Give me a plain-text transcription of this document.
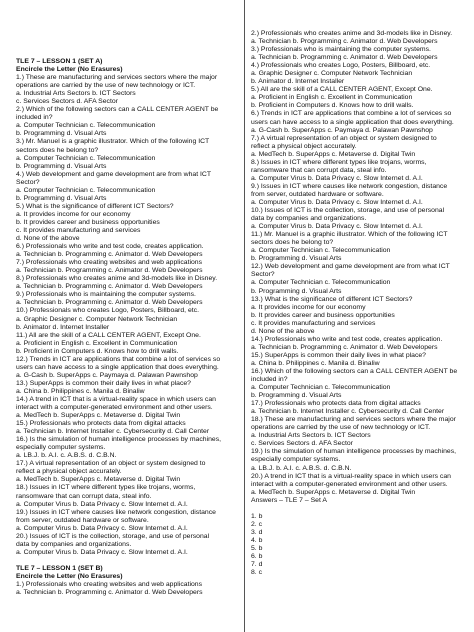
TLE 7 – LESSON 1 (SET A)
Encircle the Letter (No Erasures)
1.) These are manufacturing and services sectors where the major
operations are carried by the use of new technology or ICT.
a. Industrial Arts Sectors b. ICT Sectors
c. Services Sectors d. AFA Sector
2.) Which of the following sectors can a CALL CENTER AGENT be
included in?
a. Computer Technician c. Telecommunication
b. Programming d. Visual Arts
3.) Mr. Manuel is a graphic illustrator. Which of the following ICT
sectors does he belong to?
a. Computer Technician c. Telecommunication
b. Programming d. Visual Arts
4.) Web development and game development are from what ICT
Sector?
a. Computer Technician c. Telecommunication
b. Programming d. Visual Arts
5.) What is the significance of different ICT Sectors?
a. It provides income for our economy
b. It provides career and business opportunities
c. It provides manufacturing and services
d. None of the above
6.) Professionals who write and test code, creates application.
a. Technician b. Programming c. Animator d. Web Developers
7.) Professionals who creating websites and web applications
a. Technician b. Programming c. Animator d. Web Developers
8.) Professionals who creates anime and 3d-models like in Disney.
a. Technician b. Programming c. Animator d. Web Developers
9.) Professionals who is maintaining the computer systems.
a. Technician b. Programming c. Animator d. Web Developers
10.) Professionals who creates Logo, Posters, Billboard, etc.
a. Graphic Designer c. Computer Network Technician
b. Animator d. Internet Installer
11.) All are the skill of a CALL CENTER AGENT, Except One.
a. Proficient in English c. Excellent in Communication
b. Proficient in Computers d. Knows how to drill walls.
12.) Trends in ICT are applications that combine a lot of services so
users can have access to a single application that does everything.
a. G-Cash b. SuperApps c. Paymaya d. Palawan Pawnshop
13.) SuperApps is common their daily lives in what place?
a. China b. Philippines c. Manila d. Binaliw
14.) A trend in ICT that is a virtual-reality space in which users can
interact with a computer-generated environment and other users.
a. MedTech b. SuperApps c. Metaverse d. Digital Twin
15.) Professionals who protects data from digital attacks
a. Technician b. Internet Installer c. Cybersecurity d. Call Center
16.) Is the simulation of human intelligence processes by machines,
especially computer systems.
a. LB.J. b. A.I. c. A.B.S. d. C.B.N.
17.) A virtual representation of an object or system designed to
reflect a physical object accurately.
a. MedTech b. SuperApps c. Metaverse d. Digital Twin
18.) Issues in ICT where different types like trojans, worms,
ransomware that can corrupt data, steal info.
a. Computer Virus b. Data Privacy c. Slow Internet d. A.I.
19.) Issues in ICT where causes like network congestion, distance
from server, outdated hardware or software.
a. Computer Virus b. Data Privacy c. Slow Internet d. A.I.
20.) Issues of ICT is the collection, storage, and use of personal
data by companies and organizations.
a. Computer Virus b. Data Privacy c. Slow Internet d. A.I.
TLE 7 – LESSON 1 (SET B)
Encircle the Letter (No Erasures)
1.) Professionals who creating websites and web applications
a. Technician b. Programming c. Animator d. Web Developers
2.) Professionals who creates anime and 3d-models like in Disney.
a. Technician b. Programming c. Animator d. Web Developers
3.) Professionals who is maintaining the computer systems.
a. Technician b. Programming c. Animator d. Web Developers
4.) Professionals who creates Logo, Posters, Billboard, etc.
a. Graphic Designer c. Computer Network Technician
b. Animator d. Internet Installer
5.) All are the skill of a CALL CENTER AGENT, Except One.
a. Proficient in English c. Excellent in Communication
b. Proficient in Computers d. Knows how to drill walls.
6.) Trends in ICT are applications that combine a lot of services so
users can have access to a single application that does everything.
a. G-Cash b. SuperApps c. Paymaya d. Palawan Pawnshop
7.) A virtual representation of an object or system designed to
reflect a physical object accurately.
a. MedTech b. SuperApps c. Metaverse d. Digital Twin
8.) Issues in ICT where different types like trojans, worms,
ransomware that can corrupt data, steal info.
a. Computer Virus b. Data Privacy c. Slow Internet d. A.I.
9.) Issues in ICT where causes like network congestion, distance
from server, outdated hardware or software.
a. Computer Virus b. Data Privacy c. Slow Internet d. A.I.
10.) Issues of ICT is the collection, storage, and use of personal
data by companies and organizations.
a. Computer Virus b. Data Privacy c. Slow Internet d. A.I.
11.) Mr. Manuel is a graphic illustrator. Which of the following ICT
sectors does he belong to?
a. Computer Technician c. Telecommunication
b. Programming d. Visual Arts
12.) Web development and game development are from what ICT
Sector?
a. Computer Technician c. Telecommunication
b. Programming d. Visual Arts
13.) What is the significance of different ICT Sectors?
a. It provides income for our economy
b. It provides career and business opportunities
c. It provides manufacturing and services
d. None of the above
14.) Professionals who write and test code, creates application.
a. Technician b. Programming c. Animator d. Web Developers
15.) SuperApps is common their daily lives in what place?
a. China b. Philippines c. Manila d. Binaliw
16.) Which of the following sectors can a CALL CENTER AGENT be
included in?
a. Computer Technician c. Telecommunication
b. Programming d. Visual Arts
17.) Professionals who protects data from digital attacks
a. Technician b. Internet Installer c. Cybersecurity d. Call Center
18.) These are manufacturing and services sectors where the major
operations are carried by the use of new technology or ICT.
a. Industrial Arts Sectors b. ICT Sectors
c. Services Sectors d. AFA Sector
19.) Is the simulation of human intelligence processes by machines,
especially computer systems.
a. LB.J. b. A.I. c. A.B.S. d. C.B.N.
20.) A trend in ICT that is a virtual-reality space in which users can
interact with a computer-generated environment and other users.
a. MedTech b. SuperApps c. Metaverse d. Digital Twin
Answers – TLE 7 – Set A
1. b
2. c
3. d
4. b
5. b
6. b
7. d
8. c
